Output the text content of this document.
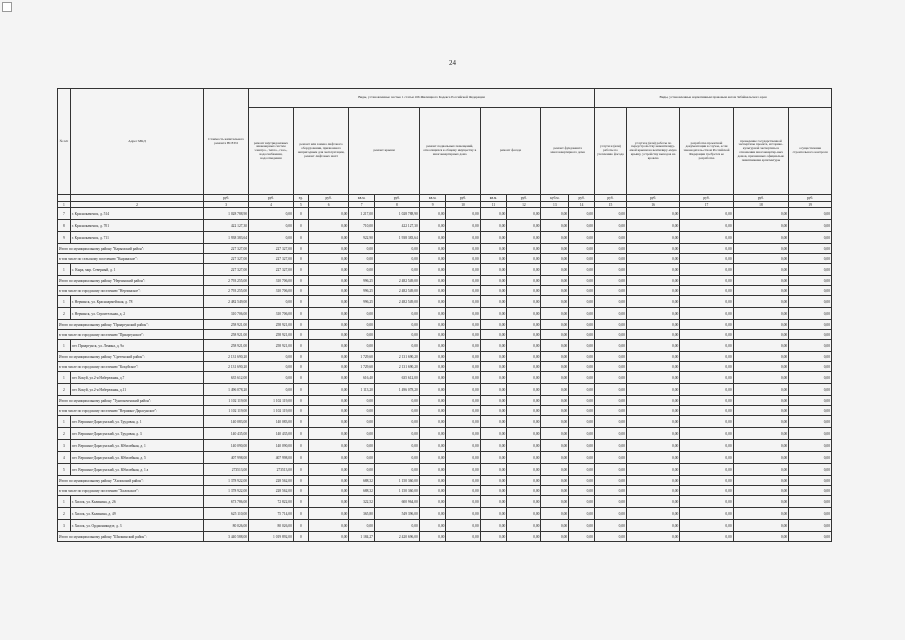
24
№ п/п	Адрес МКД	Стоимость капитального ремонта ВСЕГО	Виды, установленные частью 1 статьи 166 Жилищного Кодекса Российской Федерации											Виды, установленные нормативным правовым актом Забайкальского края				
			ремонт внутридомовых инженерных систем электро-, тепло-, газо-, водоснабжения, водоотведения	ремонт или замена лифтового оборудования, признанного непригодным для эксплуатации, ремонт лифтовых шахт		ремонт крыши		ремонт подвальных помещений, относящихся к общему имуществу в многоквартирных дома		ремонт фасада		ремонт фундамента многоквартирного дома		услуги и (или) работы по утеплению фасада	услуги и (или) работы по переустрой-ству невентилиру-емой крыши на вентилиру-емую крышу, устройству выходов на кровлю	разработка проектной документации в случае, если законодатель-ством Российской Федерации требуется ее разработка	проведение государственной экспертизы проекта, историко-культурной экспертизы в отношении многоквартир-ных домов, признанных официально памятниками архитектуры	осуществление строительного контроля
		руб.	руб.	ед.	руб.	кв.м.	руб.	кв.м.	руб.	кв.м.	руб.	куб.м.	руб.	руб.	руб.	руб.	руб.	руб.
1	2	3	4	5	6	7	8	9	10	11	12	13	14	15	16	17	18	19
7	г. Краснокаменск, д. 514	1 028 788,90	0,00	0	0,00	1 217,00	1 028 788,90	0,00	0,00	0,00	0,00	0,00	0,00	0,00	0,00	0,00	0,00	0,00
8	г. Краснокаменск, д. 701	422 127,30	0,00	0	0,00	710,00	422 127,30	0,00	0,00	0,00	0,00	0,00	0,00	0,00	0,00	0,00	0,00	0,00
9	г. Краснокаменск, д. 711	1 938 383,64	0,00	0	0,00	922,90	1 938 383,64	0,00	0,00	0,00	0,00	0,00	0,00	0,00	0,00	0,00	0,00	0,00
Итого по муниципальному району "Карымский район":		227 327,00	227 327,00	0	0,00	0,00	0,00	0,00	0,00	0,00	0,00	0,00	0,00	0,00	0,00	0,00	0,00	0,00
в том числе по сельскому поселению "Кыринское":		227 327,00	227 327,00	0	0,00	0,00	0,00	0,00	0,00	0,00	0,00	0,00	0,00	0,00	0,00	0,00	0,00	0,00
1	с. Кыра, мкр. Северный, д. 1	227 327,00	227 327,00	0	0,00	0,00	0,00	0,00	0,00	0,00	0,00	0,00	0,00	0,00	0,00	0,00	0,00	0,00
Итого по муниципальному району "Нерчинский район":		2 793 255,00	310 706,00	0	0,00	996,25	2 482 549,00	0,00	0,00	0,00	0,00	0,00	0,00	0,00	0,00	0,00	0,00	0,00
в том числе по городскому поселению "Нерчинское":		2 793 255,00	310 706,00	0	0,00	996,25	2 482 549,00	0,00	0,00	0,00	0,00	0,00	0,00	0,00	0,00	0,00	0,00	0,00
1	г. Нерчинск, ул. Красноармейская, д. 78	2 482 549,00	0,00	0	0,00	996,25	2 482 549,00	0,00	0,00	0,00	0,00	0,00	0,00	0,00	0,00	0,00	0,00	0,00
2	г. Нерчинск, ул. Строительная, д. 2	310 706,00	310 706,00	0	0,00	0,00	0,00	0,00	0,00	0,00	0,00	0,00	0,00	0,00	0,00	0,00	0,00	0,00
Итого по муниципальному району "Приаргунский район":		258 921,00	258 921,00	0	0,00	0,00	0,00	0,00	0,00	0,00	0,00	0,00	0,00	0,00	0,00	0,00	0,00	0,00
в том числе по городскому поселению "Приаргунское":		258 921,00	258 921,00	0	0,00	0,00	0,00	0,00	0,00	0,00	0,00	0,00	0,00	0,00	0,00	0,00	0,00	0,00
1	пгт. Приаргунск, ул. Ленина, д. 9а	258 921,00	258 921,00	0	0,00	0,00	0,00	0,00	0,00	0,00	0,00	0,00	0,00	0,00	0,00	0,00	0,00	0,00
Итого по муниципальному району "Сретенский район":		2 131 690,20	0,00	0	0,00	1 729,60	2 131 690,20	0,00	0,00	0,00	0,00	0,00	0,00	0,00	0,00	0,00	0,00	0,00
в том числе по городскому поселению "Кокуйское":		2 131 690,20	0,00	0	0,00	1 729,60	2 131 690,20	0,00	0,00	0,00	0,00	0,00	0,00	0,00	0,00	0,00	0,00	0,00
1	пгт. Кокуй, ул.2-я Набережная, д.7	635 612,00	0,00	0	0,00	616,40	635 612,00	0,00	0,00	0,00	0,00	0,00	0,00	0,00	0,00	0,00	0,00	0,00
2	пгт. Кокуй, ул.2-я Набережная, д.11	1 496 078,20	0,00	0	0,00	1 113,20	1 496 078,20	0,00	0,00	0,00	0,00	0,00	0,00	0,00	0,00	0,00	0,00	0,00
Итого по муниципальному району "Тунгокоченский район":		1 102 119,00	1 102 119,00	0	0,00	0,00	0,00	0,00	0,00	0,00	0,00	0,00	0,00	0,00	0,00	0,00	0,00	0,00
в том числе по городскому поселению "Вершино-Дарасунское":		1 102 119,00	1 102 119,00	0	0,00	0,00	0,00	0,00	0,00	0,00	0,00	0,00	0,00	0,00	0,00	0,00	0,00	0,00
1	пгт. Вершино-Дарасунский, ул. Трудовая, д. 1	140 083,00	140 083,00	0	0,00	0,00	0,00	0,00	0,00	0,00	0,00	0,00	0,00	0,00	0,00	0,00	0,00	0,00
2	пгт. Вершино-Дарасунский, ул. Трудовая, д. 3	140 435,00	140 435,00	0	0,00	0,00	0,00	0,00	0,00	0,00	0,00	0,00	0,00	0,00	0,00	0,00	0,00	0,00
3	пгт. Вершино-Дарасунский, ул. Юбилейная, д. 1	140 090,00	140 090,00	0	0,00	0,00	0,00	0,00	0,00	0,00	0,00	0,00	0,00	0,00	0,00	0,00	0,00	0,00
4	пгт. Вершино-Дарасунский, ул. Юбилейная, д. 5	407 998,00	407 998,00	0	0,00	0,00	0,00	0,00	0,00	0,00	0,00	0,00	0,00	0,00	0,00	0,00	0,00	0,00
5	пгт. Вершино-Дарасунский, ул. Юбилейная, д. 1 а	273513,00	273513,00	0	0,00	0,00	0,00	0,00	0,00	0,00	0,00	0,00	0,00	0,00	0,00	0,00	0,00	0,00
Итого по муниципальному району "Хилокский район":		1 378 922,00	228 562,00	0	0,00	688,32	1 150 360,00	0,00	0,00	0,00	0,00	0,00	0,00	0,00	0,00	0,00	0,00	0,00
в том числе по городскому поселению "Хилокское":		1 378 922,00	228 562,00	0	0,00	688,32	1 150 360,00	0,00	0,00	0,00	0,00	0,00	0,00	0,00	0,00	0,00	0,00	0,00
1	г. Хилок, ул. Калинина, д. 26	673 786,00	72 822,00	0	0,00	322,52	600 964,00	0,00	0,00	0,00	0,00	0,00	0,00	0,00	0,00	0,00	0,00	0,00
2	г. Хилок, ул. Калинина, д. 49	625 110,00	75 714,00	0	0,00	365,80	549 396,00	0,00	0,00	0,00	0,00	0,00	0,00	0,00	0,00	0,00	0,00	0,00
3	г. Хилок, ул. Орджоникидзе, д. 3	80 026,00	80 026,00	0	0,00	0,00	0,00	0,00	0,00	0,00	0,00	0,00	0,00	0,00	0,00	0,00	0,00	0,00
Итого по муниципальному району "Шилкинский район":		3 440 588,00	1 019 892,00	0	0,00	1 184,27	2 420 696,00	0,00	0,00	0,00	0,00	0,00	0,00	0,00	0,00	0,00	0,00	0,00
